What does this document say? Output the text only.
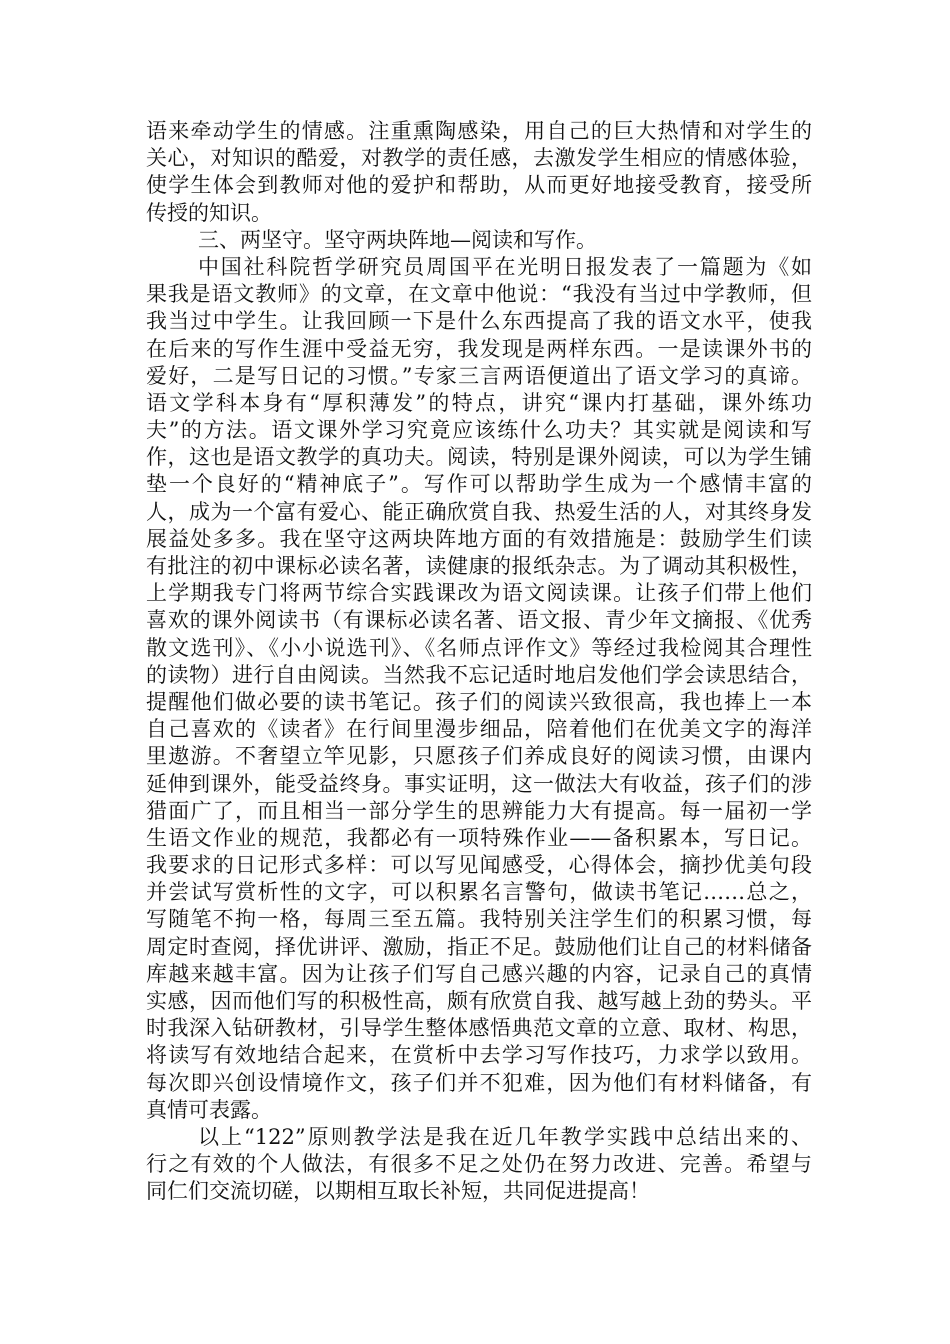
语来牵动学生的情感。注重熏陶感染，用自己的巨大热情和对学生的
关心，对知识的酷爱，对教学的责任感，去激发学生相应的情感体验，
使学生体会到教师对他的爱护和帮助，从而更好地接受教育，接受所
传授的知识。
三、两坚守。坚守两块阵地—阅读和写作。
中国社科院哲学研究员周国平在光明日报发表了一篇题为《如
果我是语文教师》的文章，在文章中他说：“我没有当过中学教师，但
我当过中学生。让我回顾一下是什么东西提高了我的语文水平，使我
在后来的写作生涯中受益无穷，我发现是两样东西。一是读课外书的
爱好，二是写日记的习惯。”专家三言两语便道出了语文学习的真谛。
语文学科本身有“厚积薄发”的特点，讲究“课内打基础，课外练功
夫”的方法。语文课外学习究竟应该练什么功夫？其实就是阅读和写
作，这也是语文教学的真功夫。阅读，特别是课外阅读，可以为学生铺
垫一个良好的“精神底子”。写作可以帮助学生成为一个感情丰富的
人，成为一个富有爱心、能正确欣赏自我、热爱生活的人，对其终身发
展益处多多。我在坚守这两块阵地方面的有效措施是：鼓励学生们读
有批注的初中课标必读名著，读健康的报纸杂志。为了调动其积极性，
上学期我专门将两节综合实践课改为语文阅读课。让孩子们带上他们
喜欢的课外阅读书（有课标必读名著、语文报、青少年文摘报、《优秀
散文选刊》、《小小说选刊》、《名师点评作文》等经过我检阅其合理性
的读物）进行自由阅读。当然我不忘记适时地启发他们学会读思结合，
提醒他们做必要的读书笔记。孩子们的阅读兴致很高，我也捧上一本
自己喜欢的《读者》在行间里漫步细品，陪着他们在优美文字的海洋
里遨游。不奢望立竿见影，只愿孩子们养成良好的阅读习惯，由课内
延伸到课外，能受益终身。事实证明，这一做法大有收益，孩子们的涉
猎面广了，而且相当一部分学生的思辨能力大有提高。每一届初一学
生语文作业的规范，我都必有一项特殊作业——备积累本，写日记。
我要求的日记形式多样：可以写见闻感受，心得体会，摘抄优美句段
并尝试写赏析性的文字，可以积累名言警句，做读书笔记……总之，
写随笔不拘一格，每周三至五篇。我特别关注学生们的积累习惯，每
周定时查阅，择优讲评、激励，指正不足。鼓励他们让自己的材料储备
库越来越丰富。因为让孩子们写自己感兴趣的内容，记录自己的真情
实感，因而他们写的积极性高，颇有欣赏自我、越写越上劲的势头。平
时我深入钻研教材，引导学生整体感悟典范文章的立意、取材、构思，
将读写有效地结合起来，在赏析中去学习写作技巧，力求学以致用。
每次即兴创设情境作文，孩子们并不犯难，因为他们有材料储备，有
真情可表露。
以上“122”原则教学法是我在近几年教学实践中总结出来的、
行之有效的个人做法，有很多不足之处仍在努力改进、完善。希望与
同仁们交流切磋，以期相互取长补短，共同促进提高！
